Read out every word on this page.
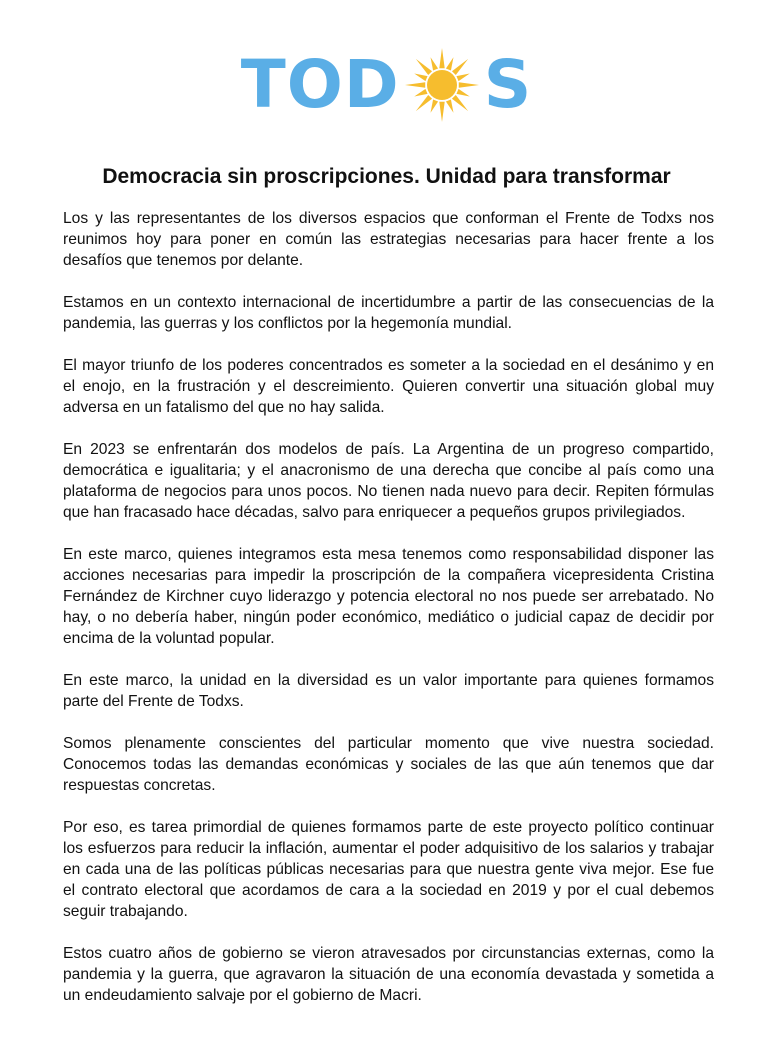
TOD S
Democracia sin proscripciones. Unidad para transformar

Los y las representantes de los diversos espacios que conforman el Frente de Todxs nos reunimos hoy para poner en común las estrategias necesarias para hacer frente a los desafíos que tenemos por delante.

Estamos en un contexto internacional de incertidumbre a partir de las consecuencias de la pandemia, las guerras y los conflictos por la hegemonía mundial.

El mayor triunfo de los poderes concentrados es someter a la sociedad en el desánimo y en el enojo, en la frustración y el descreimiento. Quieren convertir una situación global muy adversa en un fatalismo del que no hay salida.

En 2023 se enfrentarán dos modelos de país. La Argentina de un progreso compartido, democrática e igualitaria; y el anacronismo de una derecha que concibe al país como una plataforma de negocios para unos pocos. No tienen nada nuevo para decir. Repiten fórmulas que han fracasado hace décadas, salvo para enriquecer a pequeños grupos privilegiados.

En este marco, quienes integramos esta mesa tenemos como responsabilidad disponer las acciones necesarias para impedir la proscripción de la compañera vicepresidenta Cristina Fernández de Kirchner cuyo liderazgo y potencia electoral no nos puede ser arrebatado. No hay, o no debería haber, ningún poder económico, mediático o judicial capaz de decidir por encima de la voluntad popular.

En este marco, la unidad en la diversidad es un valor importante para quienes formamos parte del Frente de Todxs.

Somos plenamente conscientes del particular momento que vive nuestra sociedad. Conocemos todas las demandas económicas y sociales de las que aún tenemos que dar respuestas concretas.

Por eso, es tarea primordial de quienes formamos parte de este proyecto político continuar los esfuerzos para reducir la inflación, aumentar el poder adquisitivo de los salarios y trabajar en cada una de las políticas públicas necesarias para que nuestra gente viva mejor. Ese fue el contrato electoral que acordamos de cara a la sociedad en 2019 y por el cual debemos seguir trabajando.

Estos cuatro años de gobierno se vieron atravesados por circunstancias externas, como la pandemia y la guerra, que agravaron la situación de una economía devastada y sometida a un endeudamiento salvaje por el gobierno de Macri.
